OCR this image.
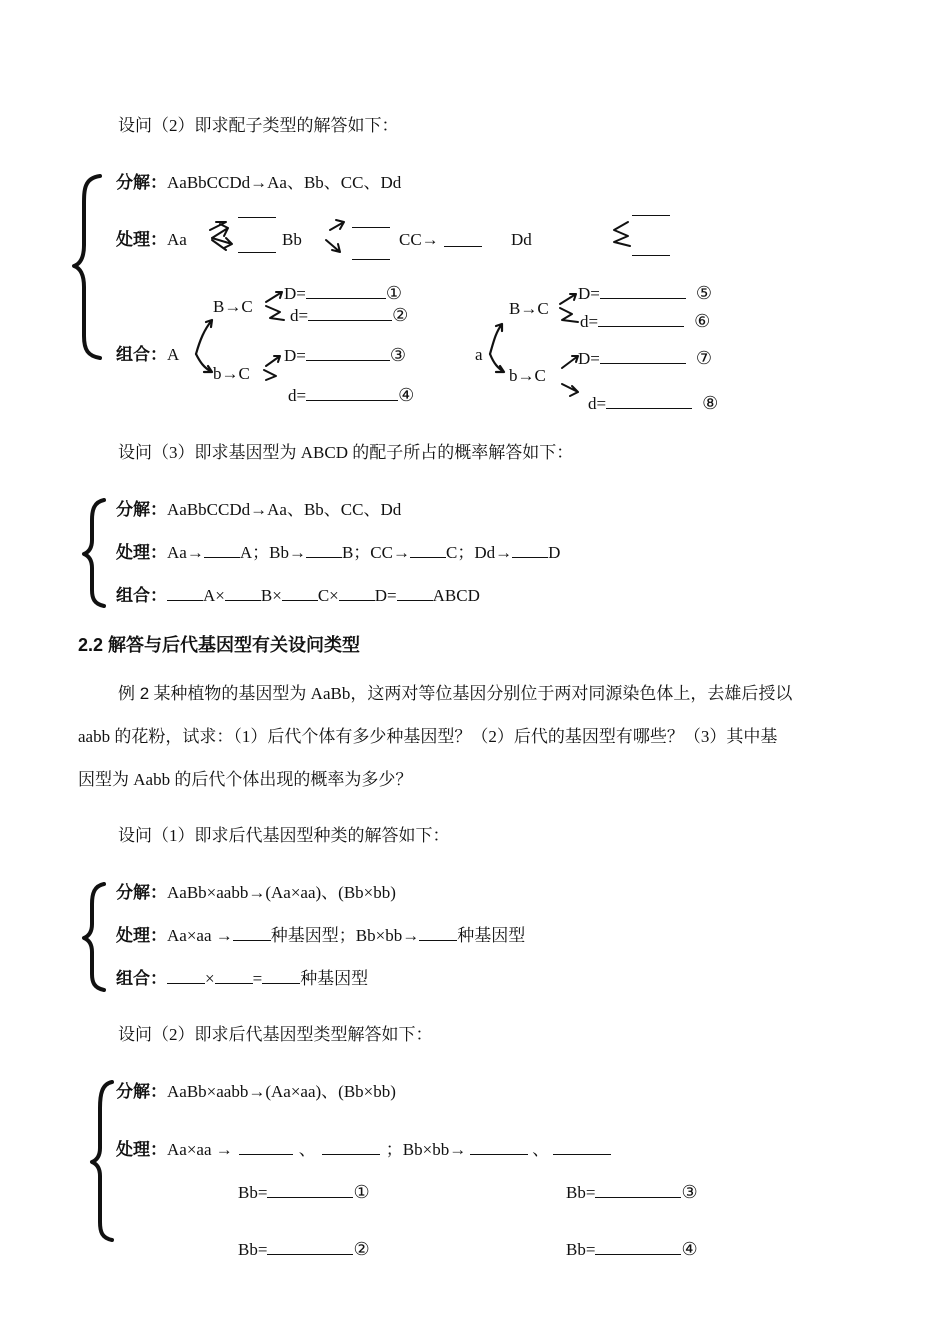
设问（2）即求配子类型的解答如下：
分解：AaBbCCDd→Aa、Bb、CC、Dd
处理：Aa	Bb	CC→	Dd
组合：A
B→C
D=	①
d=	②
b→C
D=	③
d=	④
a
B→C
D=	⑤
d=	⑥
b→C
D=	⑦
d=	⑧
设问（3）即求基因型为 ABCD 的配子所占的概率解答如下：
分解：AaBbCCDd→Aa、Bb、CC、Dd
处理：Aa→ A；Bb→ B；CC→ C；Dd→ D
组合： A× B× C× D= ABCD
2.2 解答与后代基因型有关设问类型
例 2 某种植物的基因型为 AaBb，这两对等位基因分别位于两对同源染色体上，去雄后授以
aabb 的花粉，试求：（1）后代个体有多少种基因型？（2）后代的基因型有哪些？（3）其中基
因型为 Aabb 的后代个体出现的概率为多少？
设问（1）即求后代基因型种类的解答如下：
分解：AaBb×aabb→(Aa×aa)、(Bb×bb)
处理：Aa×aa → 种基因型；Bb×bb→ 种基因型
组合： × = 种基因型
设问（2）即求后代基因型类型解答如下：
分解：AaBb×aabb→(Aa×aa)、(Bb×bb)
处理：Aa×aa →	、	；Bb×bb→	、
Bb=	①
Bb=	②
Bb=	③
Bb=	④
